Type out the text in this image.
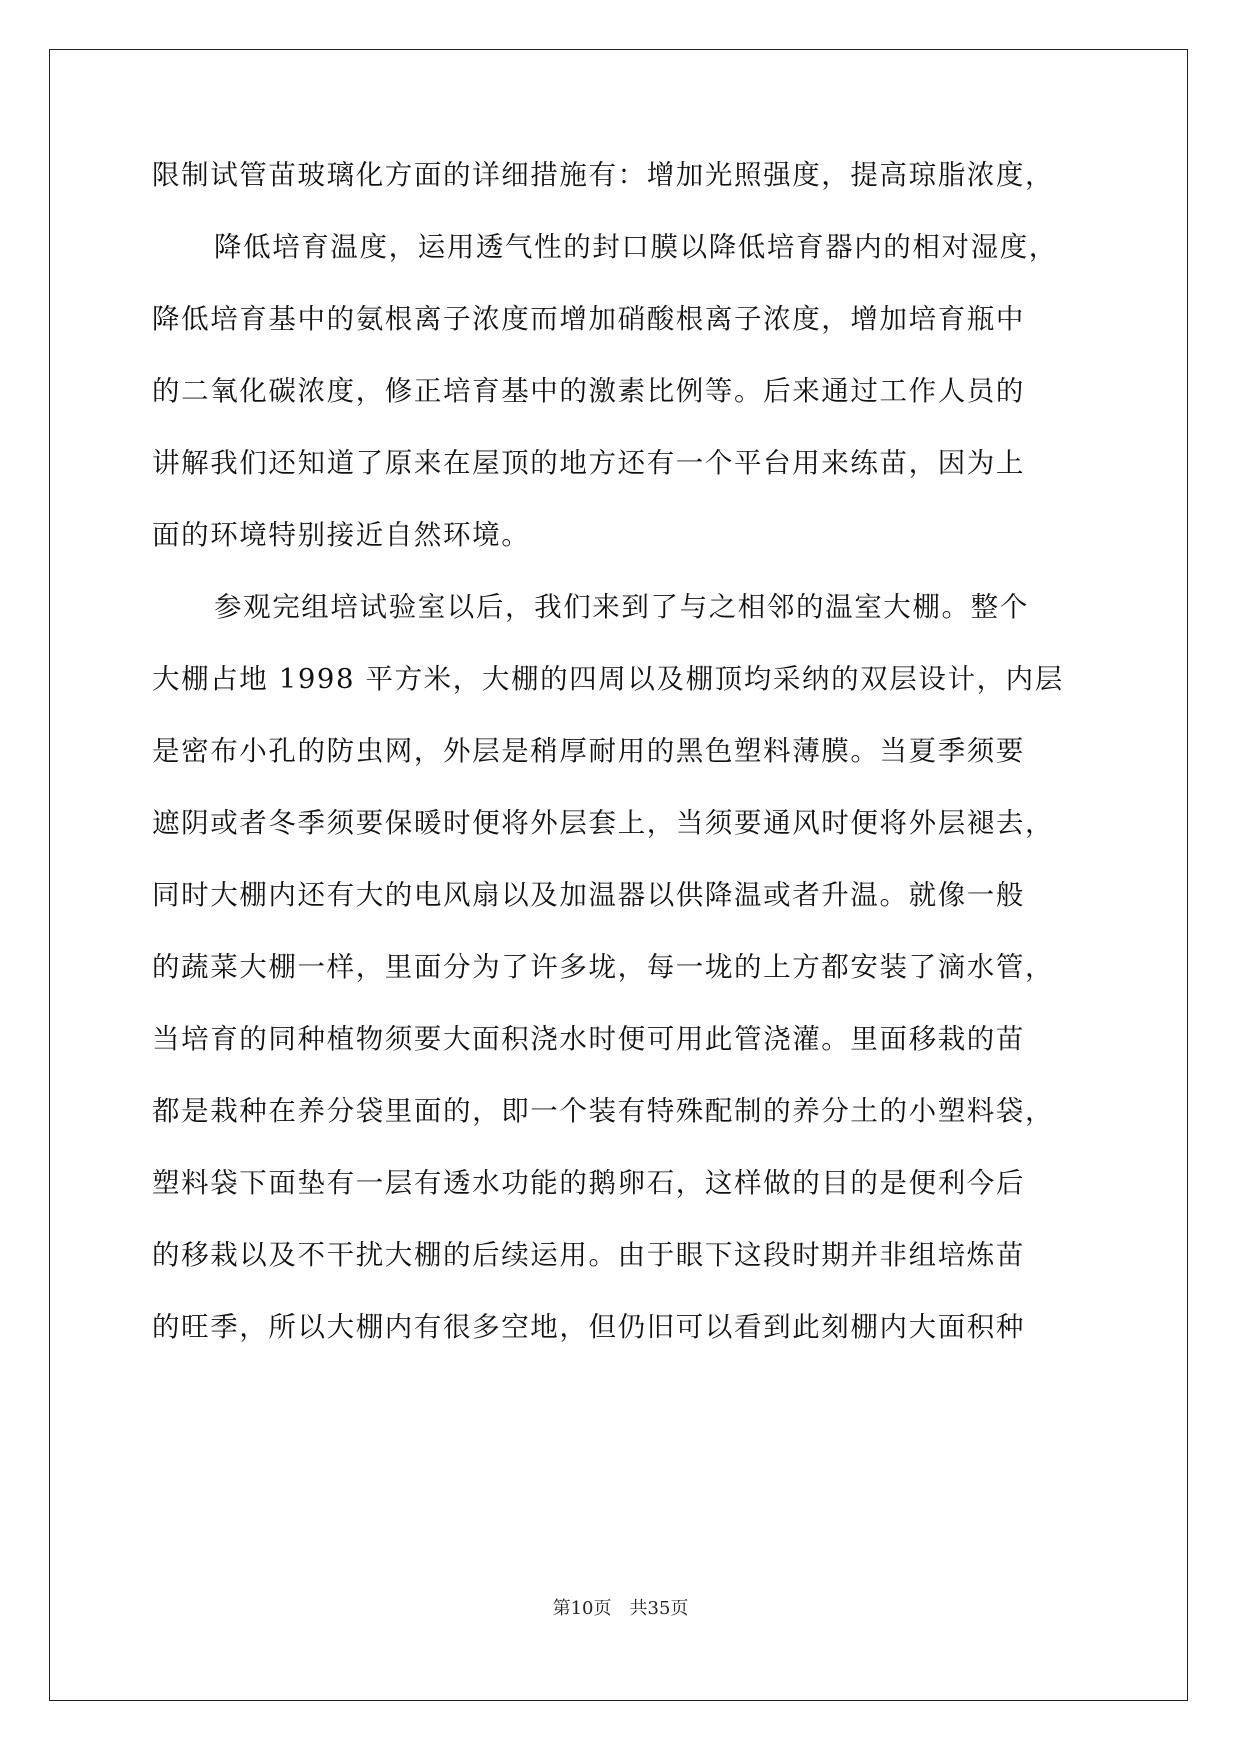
限制试管苗玻璃化方面的详细措施有：增加光照强度，提高琼脂浓度，
降低培育温度，运用透气性的封口膜以降低培育器内的相对湿度，
降低培育基中的氨根离子浓度而增加硝酸根离子浓度，增加培育瓶中
的二氧化碳浓度，修正培育基中的激素比例等。后来通过工作人员的
讲解我们还知道了原来在屋顶的地方还有一个平台用来练苗，因为上
面的环境特别接近自然环境。
参观完组培试验室以后，我们来到了与之相邻的温室大棚。整个
大棚占地 1998 平方米，大棚的四周以及棚顶均采纳的双层设计，内层
是密布小孔的防虫网，外层是稍厚耐用的黑色塑料薄膜。当夏季须要
遮阴或者冬季须要保暖时便将外层套上，当须要通风时便将外层褪去，
同时大棚内还有大的电风扇以及加温器以供降温或者升温。就像一般
的蔬菜大棚一样，里面分为了许多垅，每一垅的上方都安装了滴水管，
当培育的同种植物须要大面积浇水时便可用此管浇灌。里面移栽的苗
都是栽种在养分袋里面的，即一个装有特殊配制的养分土的小塑料袋，
塑料袋下面垫有一层有透水功能的鹅卵石，这样做的目的是便利今后
的移栽以及不干扰大棚的后续运用。由于眼下这段时期并非组培炼苗
的旺季，所以大棚内有很多空地，但仍旧可以看到此刻棚内大面积种
第10页 共35页
